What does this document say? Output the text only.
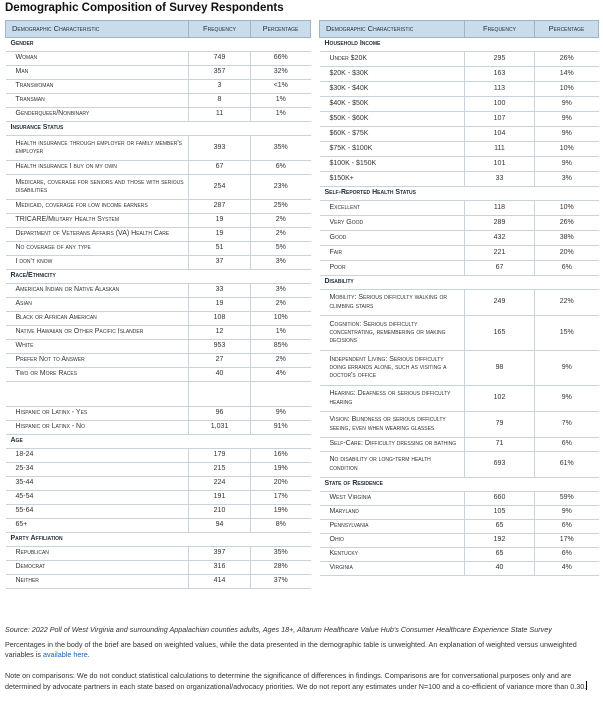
Demographic Composition of Survey Respondents
Demographic Characteristic	Frequency	Percentage
Gender		
Woman	749	66%
Man	357	32%
Transwoman	3	<1%
Transman	8	1%
Genderqueer/Nonbinary	11	1%
Insurance Status		
Health insurance through employer or family member's employer	393	35%
Health insurance I buy on my own	67	6%
Medicare, coverage for seniors and those with serious disabilities	254	23%
Medicaid, coverage for low income earners	287	25%
TRICARE/Military Health System	19	2%
Department of Veterans Affairs (VA) Health Care	19	2%
No coverage of any type	51	5%
I don't know	37	3%
Race/Ethnicity		
American Indian or Native Alaskan	33	3%
Asian	19	2%
Black or African American	108	10%
Native Hawaiian or Other Pacific Islander	12	1%
White	953	85%
Prefer Not to Answer	27	2%
Two or More Races	40	4%

Hispanic or Latinx - Yes	96	9%
Hispanic or Latinx - No	1,031	91%
Age		
18-24	179	16%
25-34	215	19%
35-44	224	20%
45-54	191	17%
55-64	210	19%
65+	94	8%
Party Affiliation		
Republican	397	35%
Democrat	316	28%
Neither	414	37%
Demographic Characteristic	Frequency	Percentage
Household Income		
Under $20K	295	26%
$20K - $30K	163	14%
$30K - $40K	113	10%
$40K - $50K	100	9%
$50K - $60K	107	9%
$60K - $75K	104	9%
$75K - $100K	111	10%
$100K - $150K	101	9%
$150K+	33	3%
Self-Reported Health Status		
Excellent	118	10%
Very Good	289	26%
Good	432	38%
Fair	221	20%
Poor	67	6%
Disability		
Mobility: Serious difficulty walking or climbing stairs	249	22%
Cognition: Serious difficulty concentrating, remembering or making decisions	165	15%
Independent Living: Serious difficulty doing errands alone, such as visiting a doctor's office	98	9%
Hearing: Deafness or serious difficulty hearing	102	9%
Vision: Blindness or serious difficulty seeing, even when wearing glasses	79	7%
Self-Care: Difficulty dressing or bathing	71	6%
No disability or long-term health condition	693	61%
State of Residence		
West Virginia	660	59%
Maryland	105	9%
Pennsylvania	65	6%
Ohio	192	17%
Kentucky	65	6%
Virginia	40	4%

Source: 2022 Poll of West Virginia and surrounding Appalachian counties adults, Ages 18+, Altarum Healthcare Value Hub's Consumer Healthcare Experience State Survey

Percentages in the body of the brief are based on weighted values, while the data presented in the demographic table is unweighted. An explanation of weighted versus unweighted variables is available here.

Note on comparisons: We do not conduct statistical calculations to determine the significance of differences in findings. Comparisons are for conversational purposes only and are determined by advocate partners in each state based on organizational/advocacy priorities. We do not report any estimates under N=100 and a co-efficient of variance more than 0.30.
